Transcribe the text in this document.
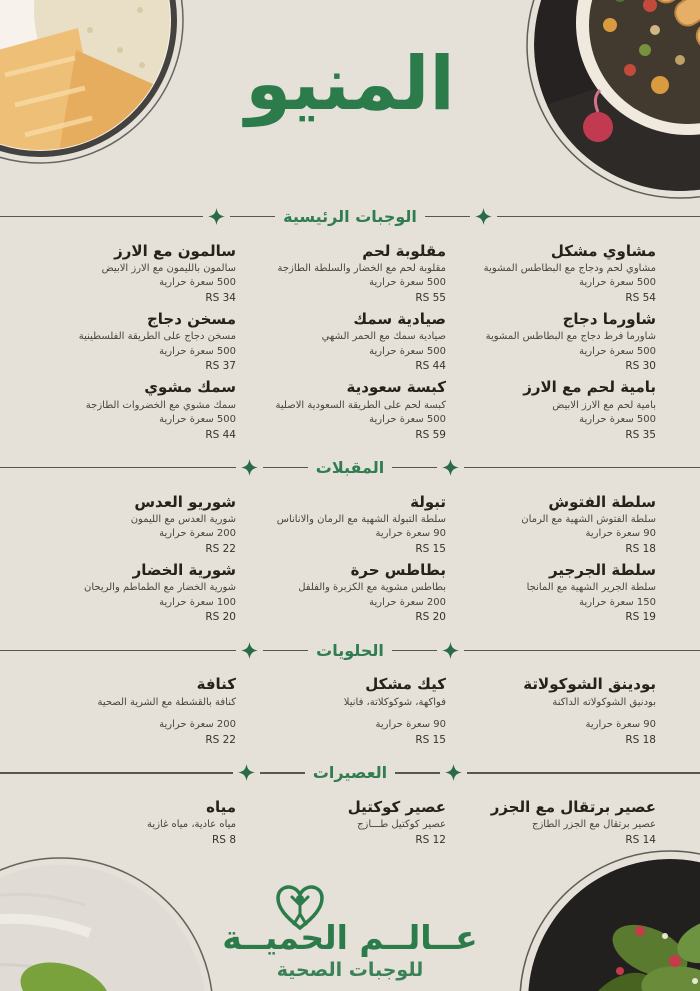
المنيو
الوجبات الرئيسية
مشاوي مشكل

مشاوي لحم ودجاج مع البطاطس المشوية

500 سعرة حرارية

54 RS

شاورما دجاج

شاورما فرط دجاج مع البطاطس المشوية

500 سعرة حرارية

30 RS

بامية لحم مع الارز

بامية لحم مع الارز الابيض

500 سعرة حرارية

35 RS

مقلوبة لحم

مقلوبة لحم مع الخضار والسلطة الطازجة

500 سعرة حرارية

55 RS

صيادية سمك

صيادية سمك مع الحمر الشهي

500 سعرة حرارية

44 RS

كبسة سعودية

كبسة لحم على الطريقة السعودية الاصلية

500 سعرة حرارية

59 RS

سالمون مع الارز

سالمون بالليمون مع الارز الابيض

500 سعرة حرارية

34 RS

مسخن دجاج

مسخن دجاج على الطريقة الفلسطينية

500 سعرة حرارية

37 RS

سمك مشوي

سمك مشوي مع الخضروات الطازجة

500 سعرة حرارية

44 RS

المقبلات
سلطة الفتوش

سلطة الفتوش الشهية مع الرمان

90 سعرة حرارية

18 RS

سلطة الجرجير

سلطة الجرير الشهية مع المانجا

150 سعرة حرارية

19 RS

تبولة

سلطة التبولة الشهية مع الرمان والاناناس

90 سعرة حرارية

15 RS

بطاطس حرة

بطاطس مشوية مع الكزبرة والفلفل

200 سعرة حرارية

20 RS

شوريو العدس

شورية العدس مع الليمون

200 سعرة حرارية

22 RS

شورية الخضار

شورية الخضار مع الطماطم والريحان

100 سعرة حرارية

20 RS

الحلويات
بودينق الشوكولاتة

بودنيق الشوكولاته الداكنة

90 سعرة حرارية

18 RS

كيك مشكل

فواكهة، شوكوكلاتة، فانيلا

90 سعرة حرارية

15 RS

كنافة

كنافة بالقشطة مع الشرية الصحية

200 سعرة حرارية

22 RS

العصيرات
عصير برتقال مع الجزر

عصير برتقال مع الجزر الطازج

14 RS

عصير كوكتيل

عصير كوكتيل طـــازج

12 RS

مياه

مياه عادية، مياه غازية

8 RS

عــالــم الحميــة
للوجبات الصحية
